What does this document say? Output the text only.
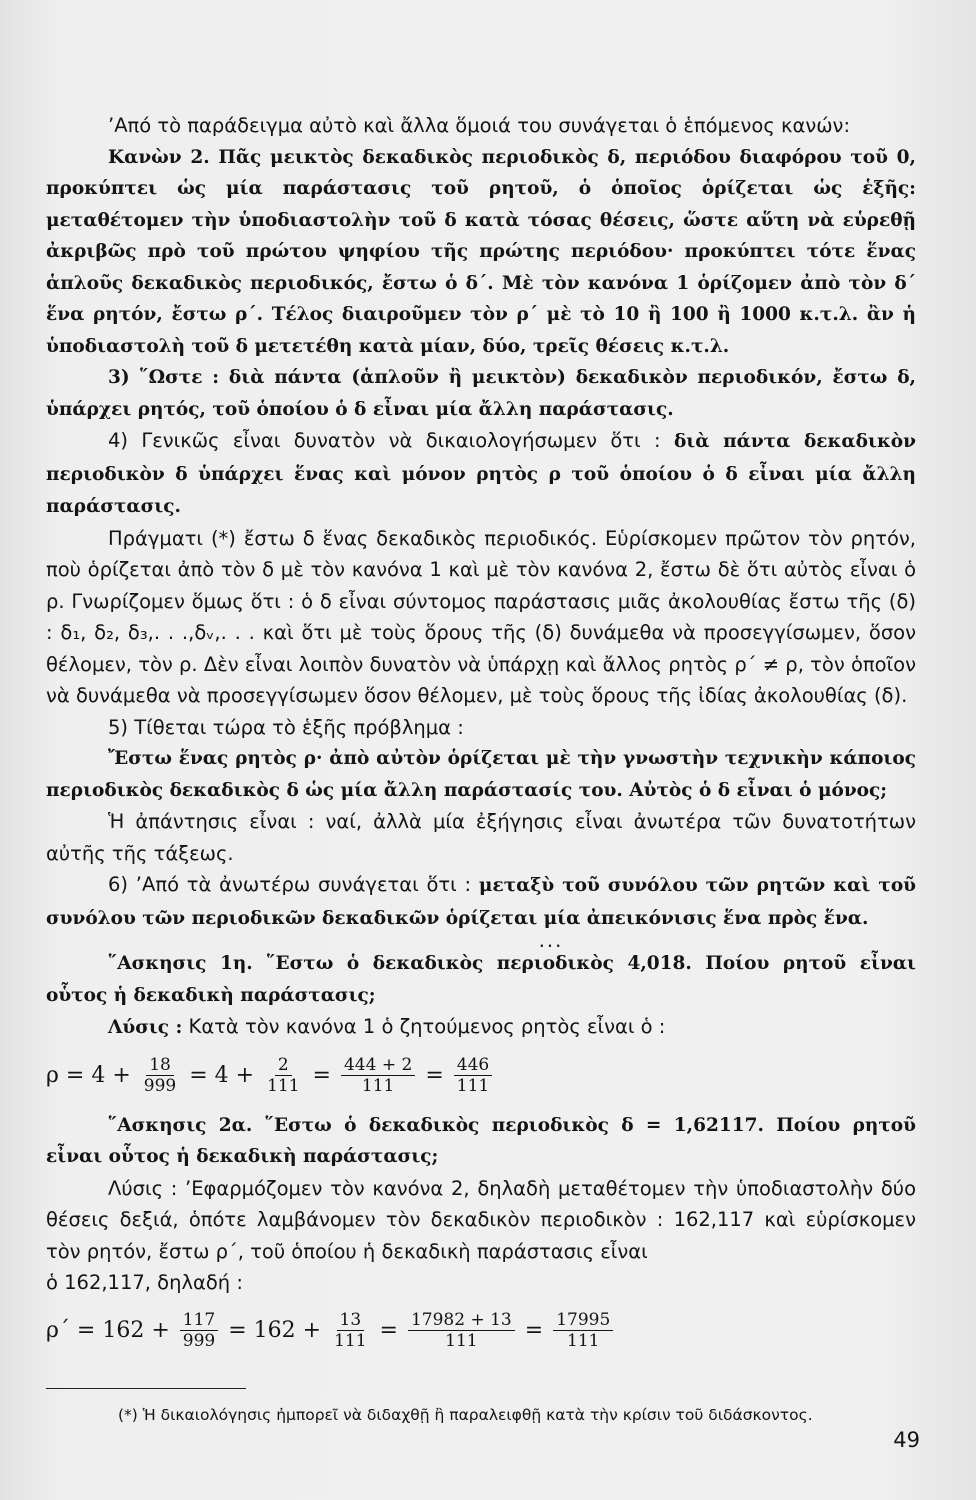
’Από τὸ παράδειγμα αὐτὸ καὶ ἄλλα ὅμοιά του συνάγεται ὁ ἑπόμενος κανών:

Κανὼν 2. Πᾶς μεικτὸς δεκαδικὸς περιοδικὸς δ, περιόδου διαφόρου τοῦ 0, προκύπτει ὡς μία παράστασις τοῦ ρητοῦ, ὁ ὁποῖος ὁρίζεται ὡς ἑξῆς: μεταθέτομεν τὴν ὑποδιαστολὴν τοῦ δ κατὰ τόσας θέσεις, ὥστε αὕτη νὰ εὑρεθῇ ἀκριβῶς πρὸ τοῦ πρώτου ψηφίου τῆς πρώτης περιόδου· προκύπτει τότε ἕνας ἁπλοῦς δεκαδικὸς περιοδικός, ἔστω ὁ δ΄. Μὲ τὸν κανόνα 1 ὁρίζομεν ἀπὸ τὸν δ΄ ἕνα ρητόν, ἔστω ρ΄. Τέλος διαιροῦμεν τὸν ρ΄ μὲ τὸ 10 ἢ 100 ἢ 1000 κ.τ.λ. ἂν ἡ ὑποδιαστολὴ τοῦ δ μετετέθη κατὰ μίαν, δύο, τρεῖς θέσεις κ.τ.λ.

3) ῞Ωστε : διὰ πάντα (ἁπλοῦν ἢ μεικτὸν) δεκαδικὸν περιοδικόν, ἔστω δ, ὑπάρχει ρητός, τοῦ ὁποίου ὁ δ εἶναι μία ἄλλη παράστασις.

4) Γενικῶς εἶναι δυνατὸν νὰ δικαιολογήσωμεν ὅτι : διὰ πάντα δεκαδικὸν περιοδικὸν δ ὑπάρχει ἕνας καὶ μόνον ρητὸς ρ τοῦ ὁποίου ὁ δ εἶναι μία ἄλλη παράστασις.

Πράγματι (*) ἔστω δ ἕνας δεκαδικὸς περιοδικός. Εὑρίσκομεν πρῶτον τὸν ρητόν, ποὺ ὁρίζεται ἀπὸ τὸν δ μὲ τὸν κανόνα 1 καὶ μὲ τὸν κανόνα 2, ἔστω δὲ ὅτι αὐτὸς εἶναι ὁ ρ. Γνωρίζομεν ὅμως ὅτι : ὁ δ εἶναι σύντομος παράστασις μιᾶς ἀκολουθίας ἔστω τῆς (δ) : δ₁, δ₂, δ₃,. . .,δᵥ,. . . καὶ ὅτι μὲ τοὺς ὅρους τῆς (δ) δυνάμεθα νὰ προσεγγίσωμεν, ὅσον θέλομεν, τὸν ρ. Δὲν εἶναι λοιπὸν δυνατὸν νὰ ὑπάρχῃ καὶ ἄλλος ρητὸς ρ΄ ≠ ρ, τὸν ὁποῖον νὰ δυνάμεθα νὰ προσεγγίσωμεν ὅσον θέλομεν, μὲ τοὺς ὅρους τῆς ἰδίας ἀκολουθίας (δ).

5) Τίθεται τώρα τὸ ἑξῆς πρόβλημα :

Ἔστω ἕνας ρητὸς ρ· ἀπὸ αὐτὸν ὁρίζεται μὲ τὴν γνωστὴν τεχνικὴν κάποιος περιοδικὸς δεκαδικὸς δ ὡς μία ἄλλη παράστασίς του. Αὐτὸς ὁ δ εἶναι ὁ μόνος;

Ἡ ἀπάντησις εἶναι : ναί, ἀλλὰ μία ἐξήγησις εἶναι ἀνωτέρα τῶν δυνατοτήτων αὐτῆς τῆς τάξεως.

6) ’Από τὰ ἀνωτέρω συνάγεται ὅτι : μεταξὺ τοῦ συνόλου τῶν ρητῶν καὶ τοῦ συνόλου τῶν περιοδικῶν δεκαδικῶν ὁρίζεται μία ἀπεικόνισις ἕνα πρὸς ἕνα.

...

῞Ασκησις 1η. ῞Εστω ὁ δεκαδικὸς περιοδικὸς 4,018. Ποίου ρητοῦ εἶναι οὗτος ἡ δεκαδικὴ παράστασις;

Λύσις : Κατὰ τὸν κανόνα 1 ὁ ζητούμενος ρητὸς εἶναι ὁ :

$\rho = 4 + \frac{18}{999} = 4 + \frac{2}{111} = \frac{444 + 2}{111} = \frac{446}{111}$

῞Ασκησις 2α. ῞Εστω ὁ δεκαδικὸς περιοδικὸς δ = 1,62117. Ποίου ρητοῦ εἶναι οὗτος ἡ δεκαδικὴ παράστασις;

Λύσις : ’Εφαρμόζομεν τὸν κανόνα 2, δηλαδὴ μεταθέτομεν τὴν ὑποδιαστολὴν δύο θέσεις δεξιά, ὁπότε λαμβάνομεν τὸν δεκαδικὸν περιοδικὸν : 162,117 καὶ εὑρίσκομεν τὸν ρητόν, ἔστω ρ΄, τοῦ ὁποίου ἡ δεκαδικὴ παράστασις εἶναι

ὁ 162,117, δηλαδή :

$\rho΄ = 162 + \frac{117}{999} = 162 + \frac{13}{111} = \frac{17982 + 13}{111} = \frac{17995}{111}$
(*) Ἡ δικαιολόγησις ἠμπορεῖ νὰ διδαχθῇ ἢ παραλειφθῇ κατὰ τὴν κρίσιν τοῦ διδάσκοντος.
49
